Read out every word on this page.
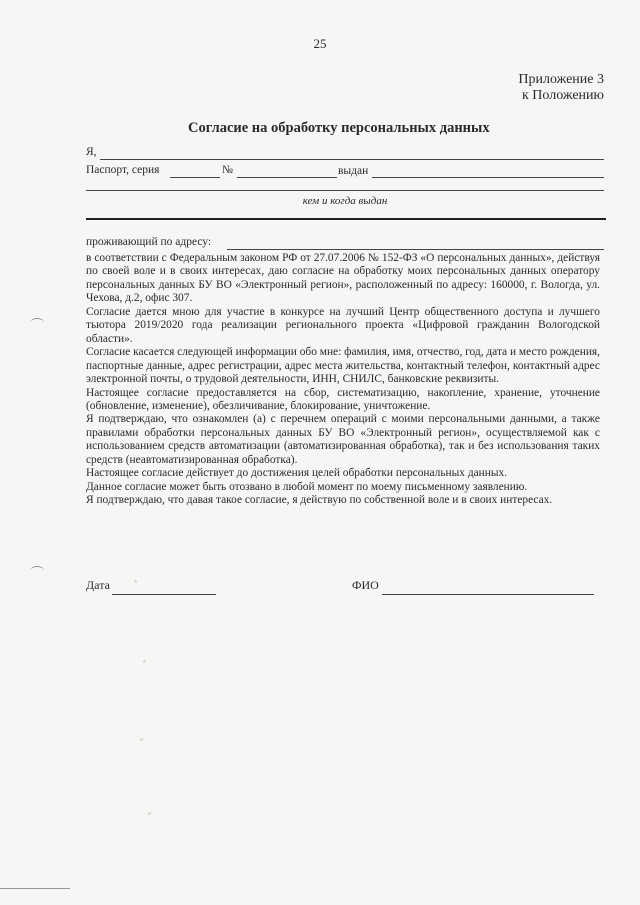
25
Приложение 3
к Положению
Согласие на обработку персональных данных
Я,
Паспорт, серия	№	выдан
кем и когда выдан
проживающий по адресу:

в соответствии с Федеральным законом РФ от 27.07.2006 № 152-ФЗ «О персональных данных», действуя по своей воле и в своих интересах, даю согласие на обработку моих персональных данных оператору персональных данных БУ ВО «Электронный регион», расположенный по адресу: 160000, г. Вологда, ул. Чехова, д.2, офис 307.

Согласие дается мною для участие в конкурсе на лучший Центр общественного доступа и лучшего тьютора 2019/2020 года реализации регионального проекта «Цифровой гражданин Вологодской области».

Согласие касается следующей информации обо мне: фамилия, имя, отчество, год, дата и место рождения, паспортные данные, адрес регистрации, адрес места жительства, контактный телефон, контактный адрес электронной почты, о трудовой деятельности, ИНН, СНИЛС, банковские реквизиты.

Настоящее согласие предоставляется на сбор, систематизацию, накопление, хранение, уточнение (обновление, изменение), обезличивание, блокирование, уничтожение.

Я подтверждаю, что ознакомлен (а) с перечнем операций с моими персональными данными, а также правилами обработки персональных данных БУ ВО «Электронный регион», осуществляемой как с использованием средств автоматизации (автоматизированная обработка), так и без использования таких средств (неавтоматизированная обработка).

Настоящее согласие действует до достижения целей обработки персональных данных.

Данное согласие может быть отозвано в любой момент по моему письменному заявлению.

Я подтверждаю, что давая такое согласие, я действую по собственной воле и в своих интересах.

Дата	ФИО
